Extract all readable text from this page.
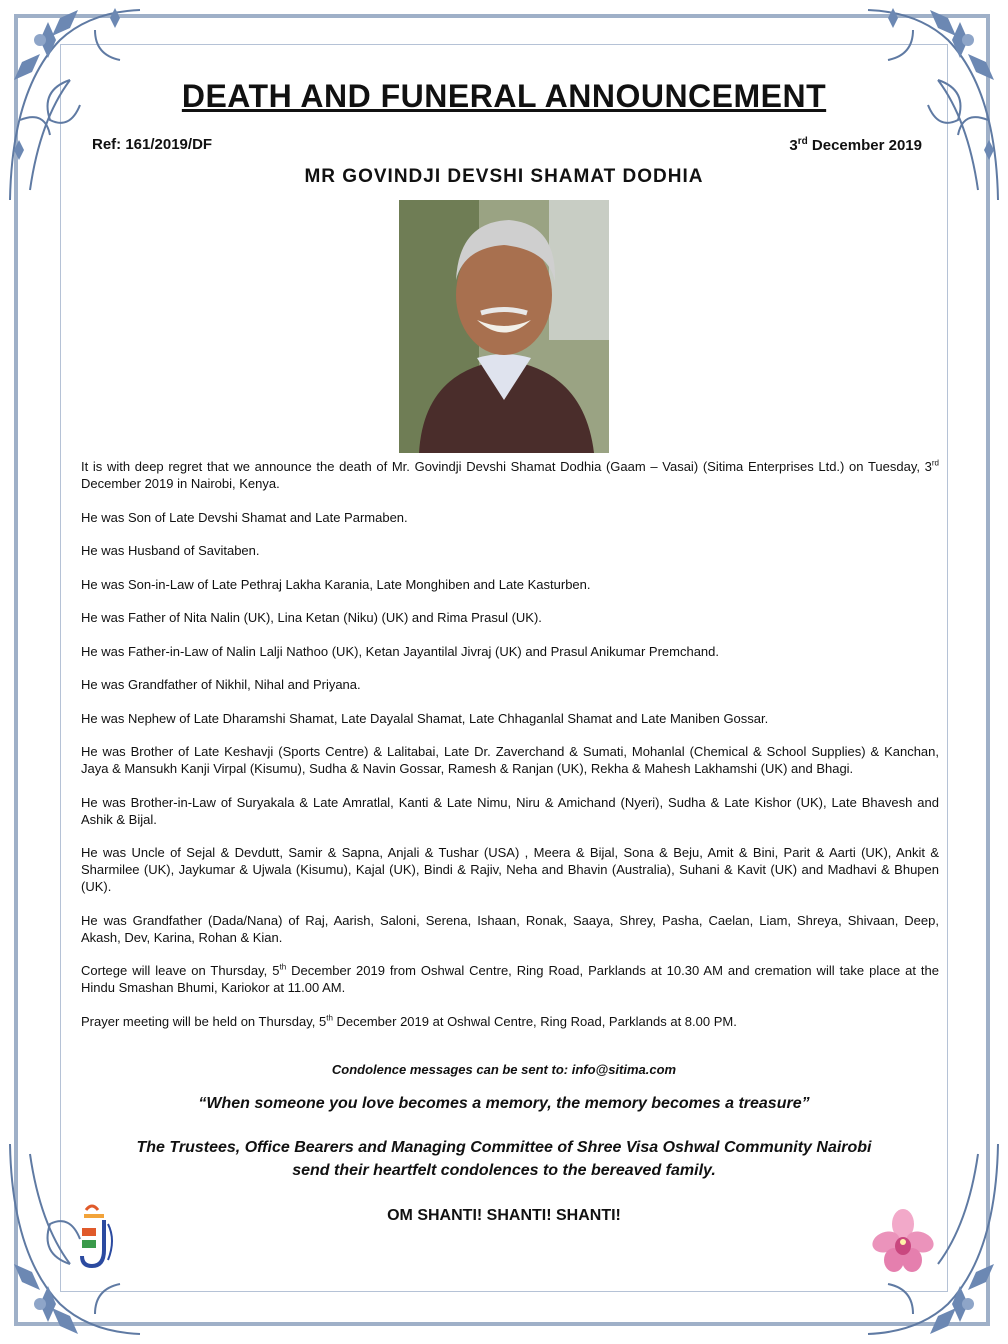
DEATH AND FUNERAL ANNOUNCEMENT
Ref: 161/2019/DF	3rd December 2019
MR GOVINDJI DEVSHI SHAMAT DODHIA

It is with deep regret that we announce the death of Mr. Govindji Devshi Shamat Dodhia (Gaam – Vasai) (Sitima Enterprises Ltd.) on Tuesday, 3rd December 2019 in Nairobi, Kenya.

He was Son of Late Devshi Shamat and Late Parmaben.

He was Husband of Savitaben.

He was Son-in-Law of Late Pethraj Lakha Karania, Late Monghiben and Late Kasturben.

He was Father of Nita Nalin (UK), Lina Ketan (Niku) (UK) and Rima Prasul (UK).

He was Father-in-Law of Nalin Lalji Nathoo (UK), Ketan Jayantilal Jivraj (UK) and Prasul Anikumar Premchand.

He was Grandfather of Nikhil, Nihal and Priyana.

He was Nephew of Late Dharamshi Shamat, Late Dayalal Shamat, Late Chhaganlal Shamat and Late Maniben Gossar.

He was Brother of Late Keshavji (Sports Centre) & Lalitabai, Late Dr. Zaverchand & Sumati, Mohanlal (Chemical & School Supplies) & Kanchan, Jaya & Mansukh Kanji Virpal (Kisumu), Sudha & Navin Gossar, Ramesh & Ranjan (UK), Rekha & Mahesh Lakhamshi (UK) and Bhagi.

He was Brother-in-Law of Suryakala & Late Amratlal, Kanti & Late Nimu, Niru & Amichand (Nyeri), Sudha & Late Kishor (UK), Late Bhavesh and Ashik & Bijal.

He was Uncle of Sejal & Devdutt, Samir & Sapna, Anjali & Tushar (USA) , Meera & Bijal, Sona & Beju, Amit & Bini, Parit & Aarti (UK), Ankit & Sharmilee (UK), Jaykumar & Ujwala (Kisumu), Kajal (UK), Bindi & Rajiv, Neha and Bhavin (Australia), Suhani & Kavit (UK) and Madhavi & Bhupen (UK).

He was Grandfather (Dada/Nana) of Raj, Aarish, Saloni, Serena, Ishaan, Ronak, Saaya, Shrey, Pasha, Caelan, Liam, Shreya, Shivaan, Deep, Akash, Dev, Karina, Rohan & Kian.

Cortege will leave on Thursday, 5th December 2019 from Oshwal Centre, Ring Road, Parklands at 10.30 AM and cremation will take place at the Hindu Smashan Bhumi, Kariokor at 11.00 AM.

Prayer meeting will be held on Thursday, 5th December 2019 at Oshwal Centre, Ring Road, Parklands at 8.00 PM.

Condolence messages can be sent to: info@sitima.com
“When someone you love becomes a memory, the memory becomes a treasure”
The Trustees, Office Bearers and Managing Committee of Shree Visa Oshwal Community Nairobi
send their heartfelt condolences to the bereaved family.
OM SHANTI! SHANTI! SHANTI!
